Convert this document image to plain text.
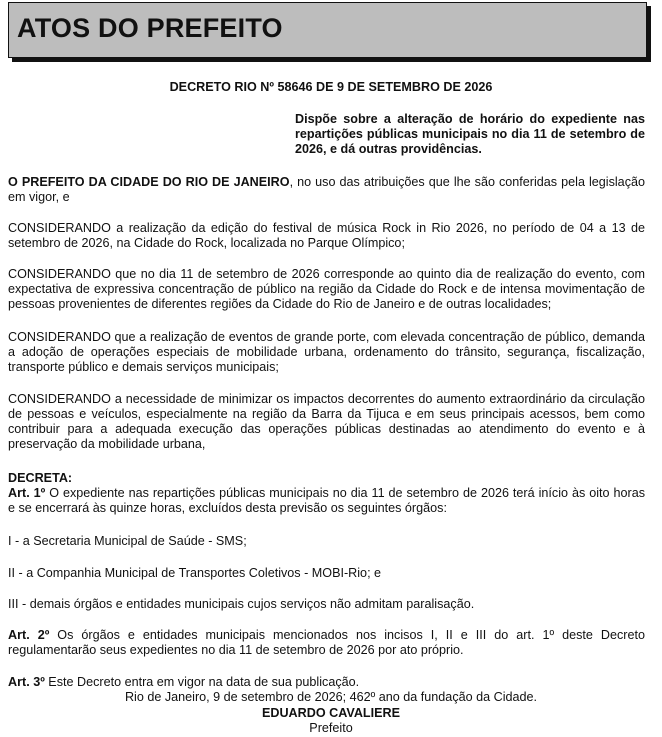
ATOS DO PREFEITO
DECRETO RIO Nº 58646 DE 9 DE SETEMBRO DE 2026
Dispõe sobre a alteração de horário do expediente nas repartições públicas municipais no dia 11 de setembro de 2026, e dá outras providências.
O PREFEITO DA CIDADE DO RIO DE JANEIRO, no uso das atribuições que lhe são conferidas pela legislação em vigor, e
CONSIDERANDO a realização da edição do festival de música Rock in Rio 2026, no período de 04 a 13 de setembro de 2026, na Cidade do Rock, localizada no Parque Olímpico;
CONSIDERANDO que no dia 11 de setembro de 2026 corresponde ao quinto dia de realização do evento, com expectativa de expressiva concentração de público na região da Cidade do Rock e de intensa movimentação de pessoas provenientes de diferentes regiões da Cidade do Rio de Janeiro e de outras localidades;
CONSIDERANDO que a realização de eventos de grande porte, com elevada concentração de público, demanda a adoção de operações especiais de mobilidade urbana, ordenamento do trânsito, segurança, fiscalização, transporte público e demais serviços municipais;
CONSIDERANDO a necessidade de minimizar os impactos decorrentes do aumento extraordinário da circulação de pessoas e veículos, especialmente na região da Barra da Tijuca e em seus principais acessos, bem como contribuir para a adequada execução das operações públicas destinadas ao atendimento do evento e à preservação da mobilidade urbana,
DECRETA:
Art. 1º O expediente nas repartições públicas municipais no dia 11 de setembro de 2026 terá início às oito horas e se encerrará às quinze horas, excluídos desta previsão os seguintes órgãos:
I - a Secretaria Municipal de Saúde - SMS;
II - a Companhia Municipal de Transportes Coletivos - MOBI-Rio; e
III - demais órgãos e entidades municipais cujos serviços não admitam paralisação.
Art. 2º Os órgãos e entidades municipais mencionados nos incisos I, II e III do art. 1º deste Decreto regulamentarão seus expedientes no dia 11 de setembro de 2026 por ato próprio.
Art. 3º Este Decreto entra em vigor na data de sua publicação.
Rio de Janeiro, 9 de setembro de 2026; 462º ano da fundação da Cidade.
EDUARDO CAVALIERE
Prefeito
